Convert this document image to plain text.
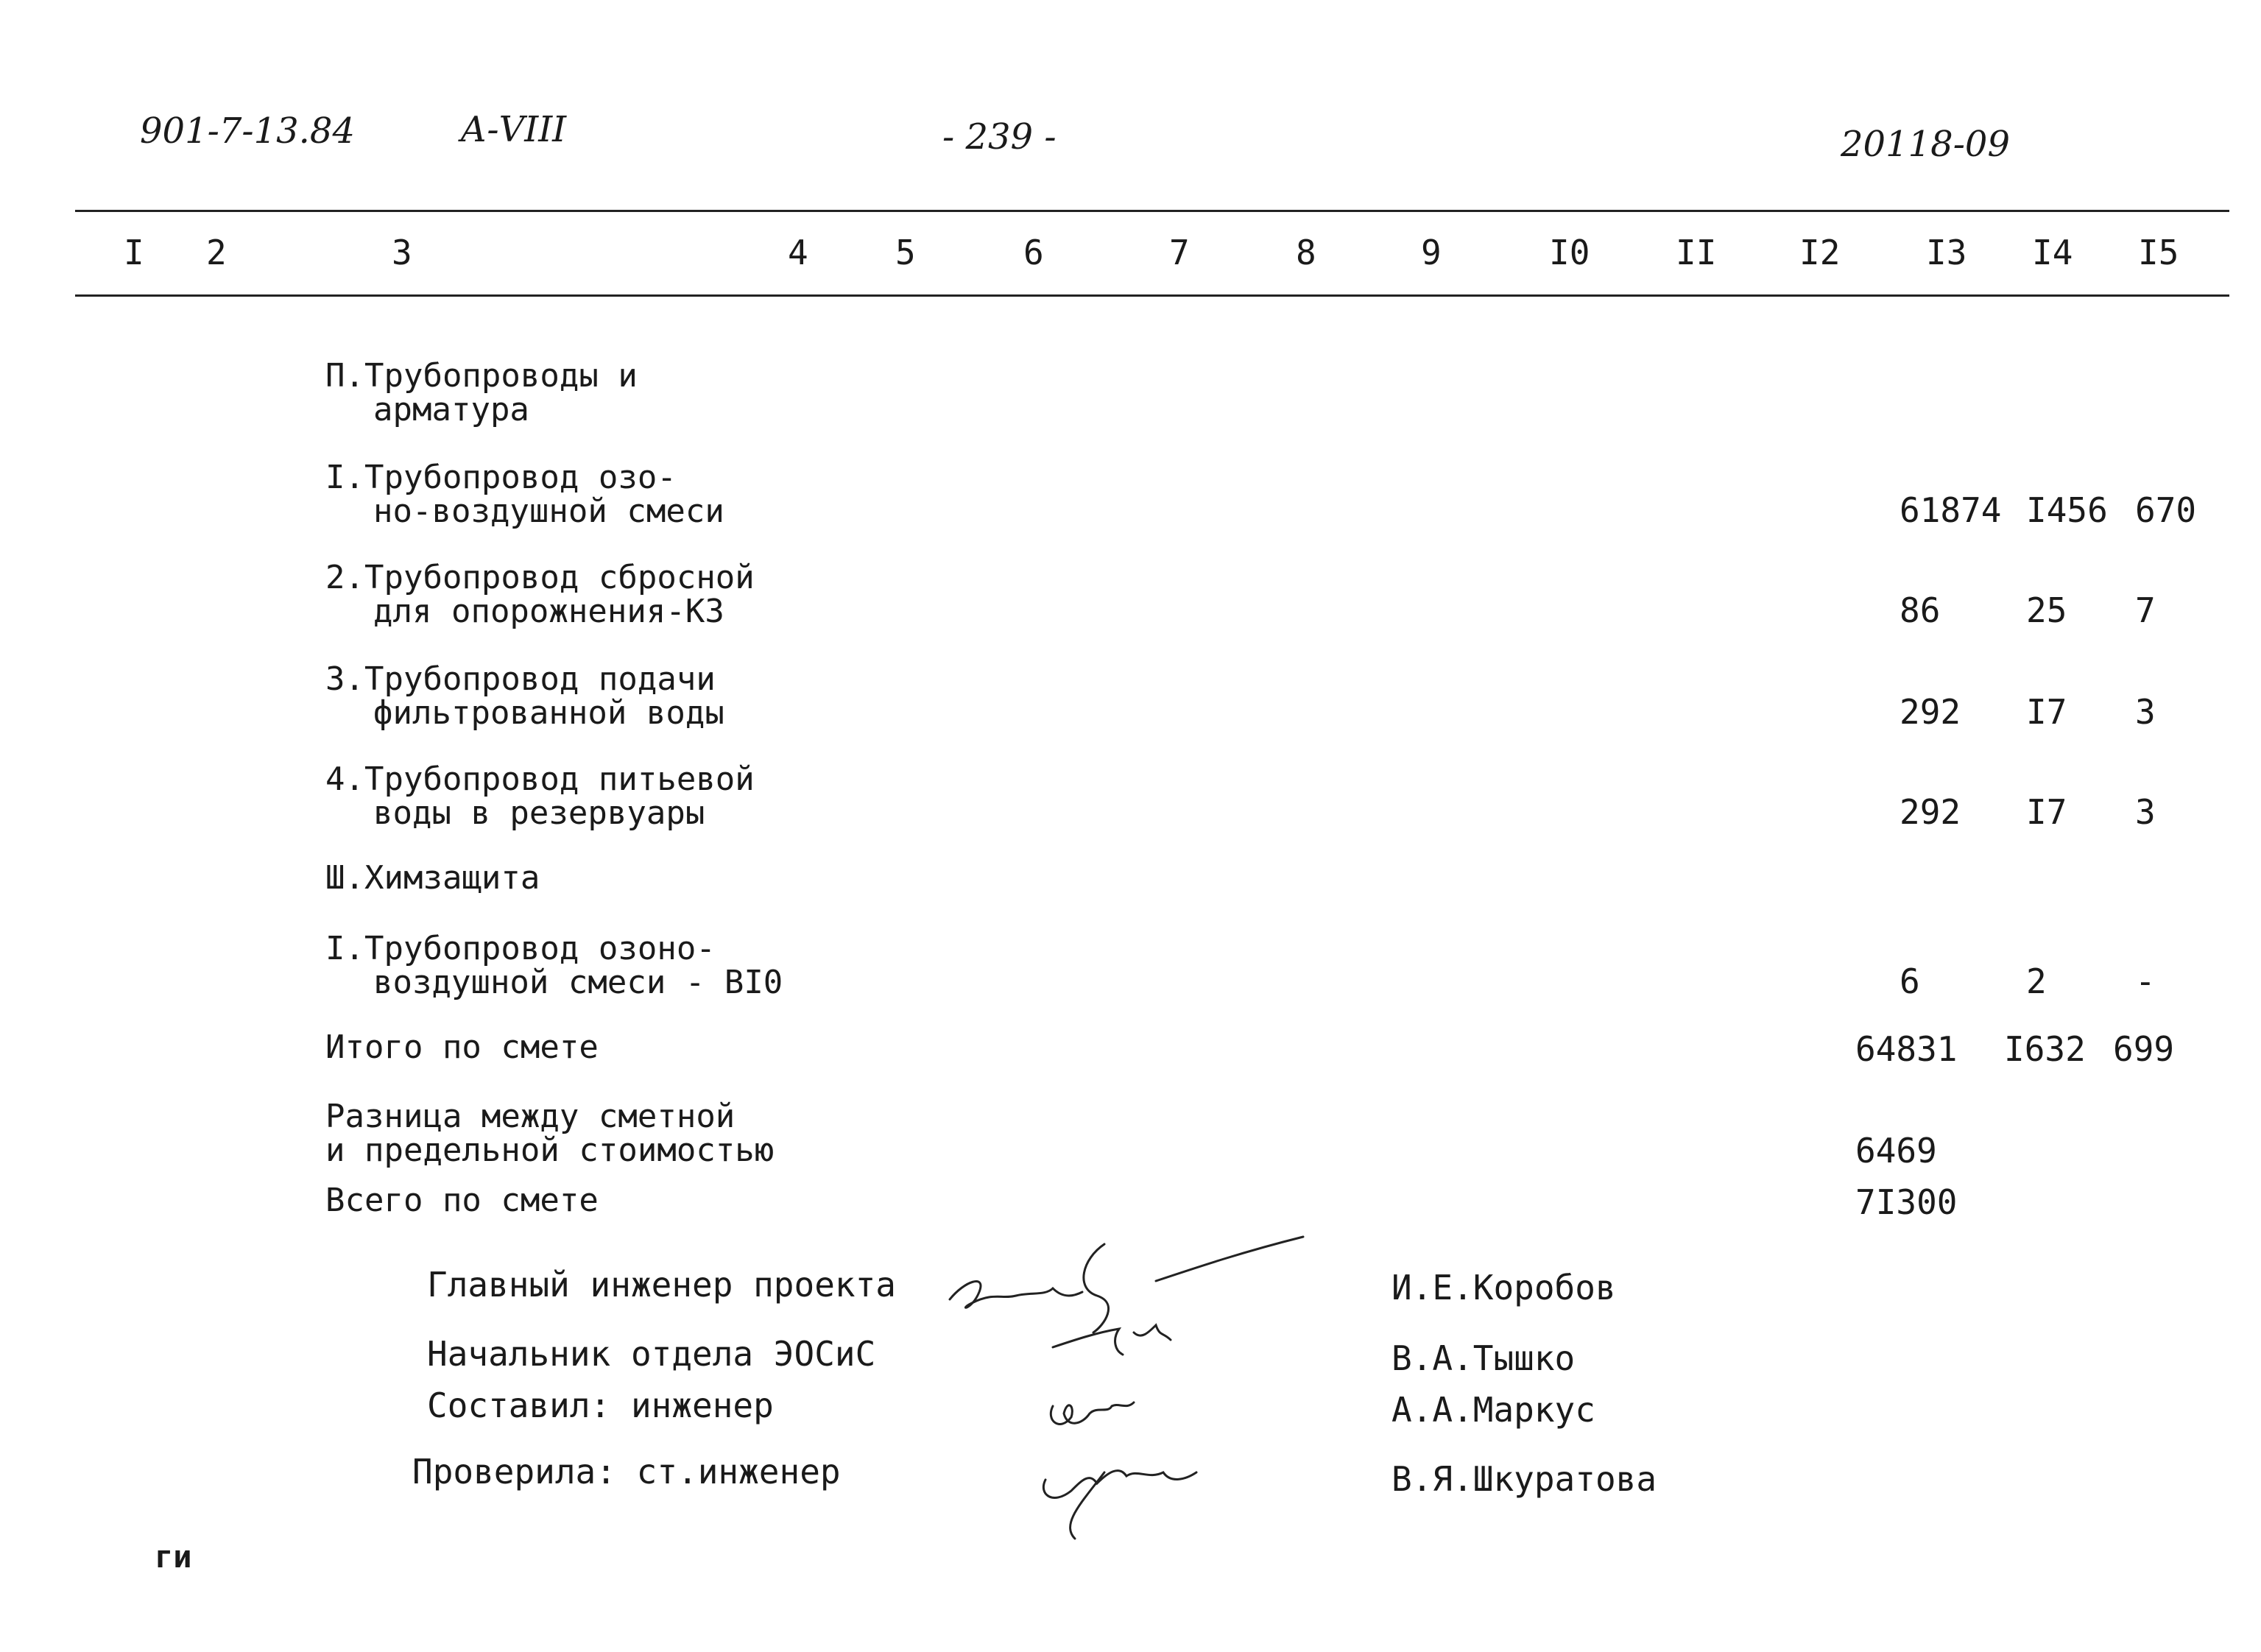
901-7-13.84	А-VIII	- 239 -	20118-09
I 2	3	4	5	6	7	8	9	I0	II I2	I3 I4 I5
П.Трубопроводы и
арматура
I.Трубопровод озо-
но-воздушной смеси	61874 I456 670
2.Трубопровод сбросной
для опорожнения-К3	86	25 7
3.Трубопровод подачи
фильтрованной воды	292 I7 3
4.Трубопровод питьевой
воды в резервуары	292 I7 3
Ш.Химзащита
I.Трубопровод озоно-
воздушной смеси - ВI0	6	2	-
Итого по смете	64831 I632 699
Разница между сметной
и предельной стоимостью	6469
Всего по смете	7I300
Главный инженер проекта	И.Е.Коробов
Начальник отдела ЭОСиС	В.А.Тышко
Составил: инженер	А.А.Маркус
Проверила: ст.инженер	В.Я.Шкуратова
ги
